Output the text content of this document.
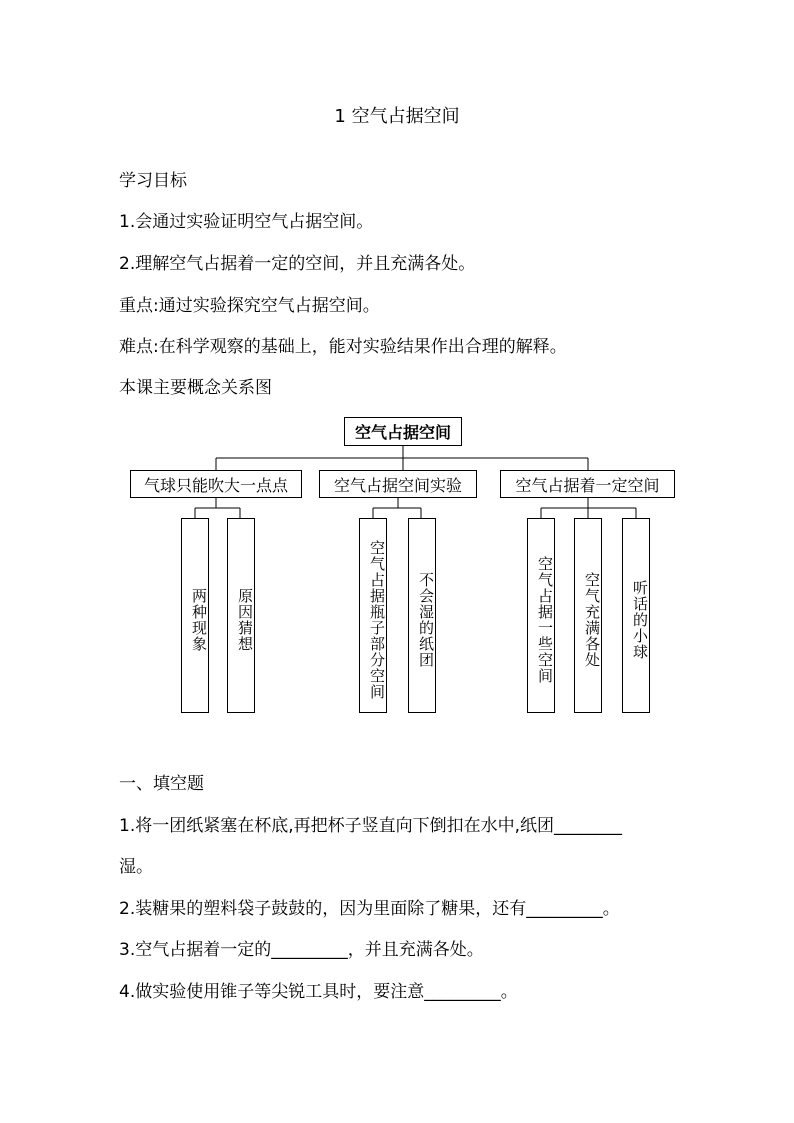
1 空气占据空间
学习目标
1.会通过实验证明空气占据空间。
2.理解空气占据着一定的空间，并且充满各处。
重点:通过实验探究空气占据空间。
难点:在科学观察的基础上，能对实验结果作出合理的解释。
本课主要概念关系图
空气占据空间
气球只能吹大一点点	空气占据空间实验	空气占据着一定空间
两种现象	原因猜想	空气占据瓶子部分空间	不会湿的纸团	空气占据一些空间	空气充满各处	听话的小球
一、填空题
1.将一团纸紧塞在杯底,再把杯子竖直向下倒扣在水中,纸团________
湿。
2.装糖果的塑料袋子鼓鼓的，因为里面除了糖果，还有_________。
3.空气占据着一定的_________，并且充满各处。
4.做实验使用锥子等尖锐工具时，要注意_________。
